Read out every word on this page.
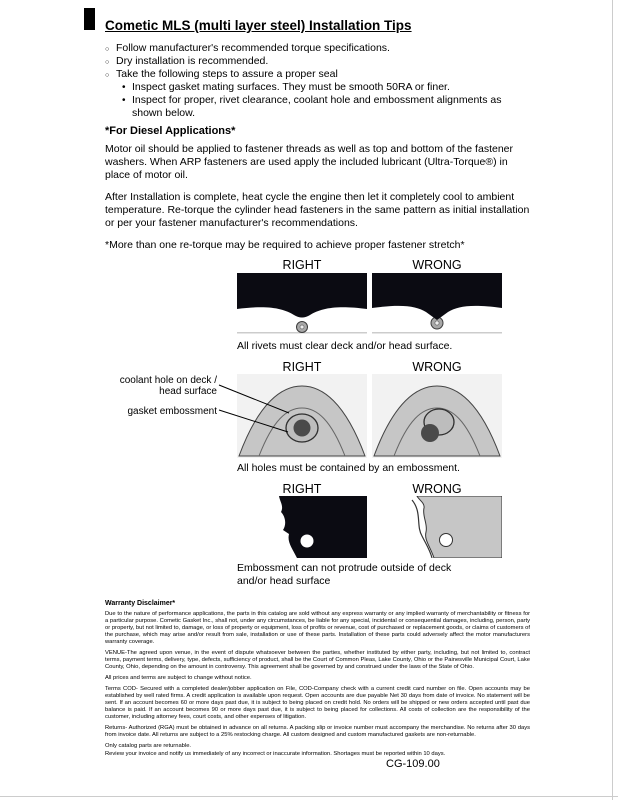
Cometic MLS (multi layer steel) Installation Tips
○ Follow manufacturer's recommended torque specifications.
○ Dry installation is recommended.
○ Take the following steps to assure a proper seal
• Inspect gasket mating surfaces. They must be smooth 50RA or finer.
• Inspect for proper, rivet clearance, coolant hole and embossment alignments as shown below.
*For Diesel Applications*

Motor oil should be applied to fastener threads as well as top and bottom of the fastener washers. When ARP fasteners are used apply the included lubricant (Ultra-Torque®) in place of motor oil.

After Installation is complete, heat cycle the engine then let it completely cool to ambient temperature. Re-torque the cylinder head fasteners in the same pattern as initial installation or per your fastener manufacturer's recommendations.

*More than one re-torque may be required to achieve proper fastener stretch*

RIGHT	WRONG
All rivets must clear deck and/or head surface.
RIGHT	WRONG
coolant hole on deck / head surface
gasket embossment
All holes must be contained by an embossment.
RIGHT	WRONG
Embossment can not protrude outside of deck and/or head surface
Warranty Disclaimer*

Due to the nature of performance applications, the parts in this catalog are sold without any express warranty or any implied warranty of merchantability or fitness for a particular purpose. Cometic Gasket Inc., shall not, under any circumstances, be liable for any special, incidental or consequential damages, including, person, party or property, but not limited to, damage, or loss of property or equipment, loss of profits or revenue, cost of purchased or replacement goods, or claims of customers of the purchase, which may arise and/or result from sale, installation or use of these parts. Installation of these parts could adversely affect the motor manufacturers warranty coverage.

VENUE-The agreed upon venue, in the event of dispute whatsoever between the parties, whether instituted by either party, including, but not limited to, contract terms, payment terms, delivery, type, defects, sufficiency of product, shall be the Court of Common Pleas, Lake County, Ohio or the Painesville Municipal Court, Lake County, Ohio, depending on the amount in controversy. This agreement shall be governed by and construed under the laws of the State of Ohio.

All prices and terms are subject to change without notice.

Terms COD- Secured with a completed dealer/jobber application on File, COD-Company check with a current credit card number on file. Open accounts may be established by well rated firms. A credit application is available upon request. Open accounts are due payable Net 30 days from date of invoice. No statement will be sent. If an account becomes 60 or more days past due, it is subject to being placed on credit hold. No orders will be shipped or new orders accepted until past due balance is paid. If an account becomes 90 or more days past due, it is subject to being placed for collections. All costs of collection are the responsibility of the customer, including attorney fees, court costs, and other expenses of litigation.

Returns- Authorized (RGA) must be obtained in advance on all returns. A packing slip or invoice number must accompany the merchandise. No returns after 30 days from invoice date. All returns are subject to a 25% restocking charge. All custom designed and custom manufactured gaskets are non-returnable.

Only catalog parts are returnable.

Review your invoice and notify us immediately of any incorrect or inaccurate information. Shortages must be reported within 10 days.

CG-109.00
